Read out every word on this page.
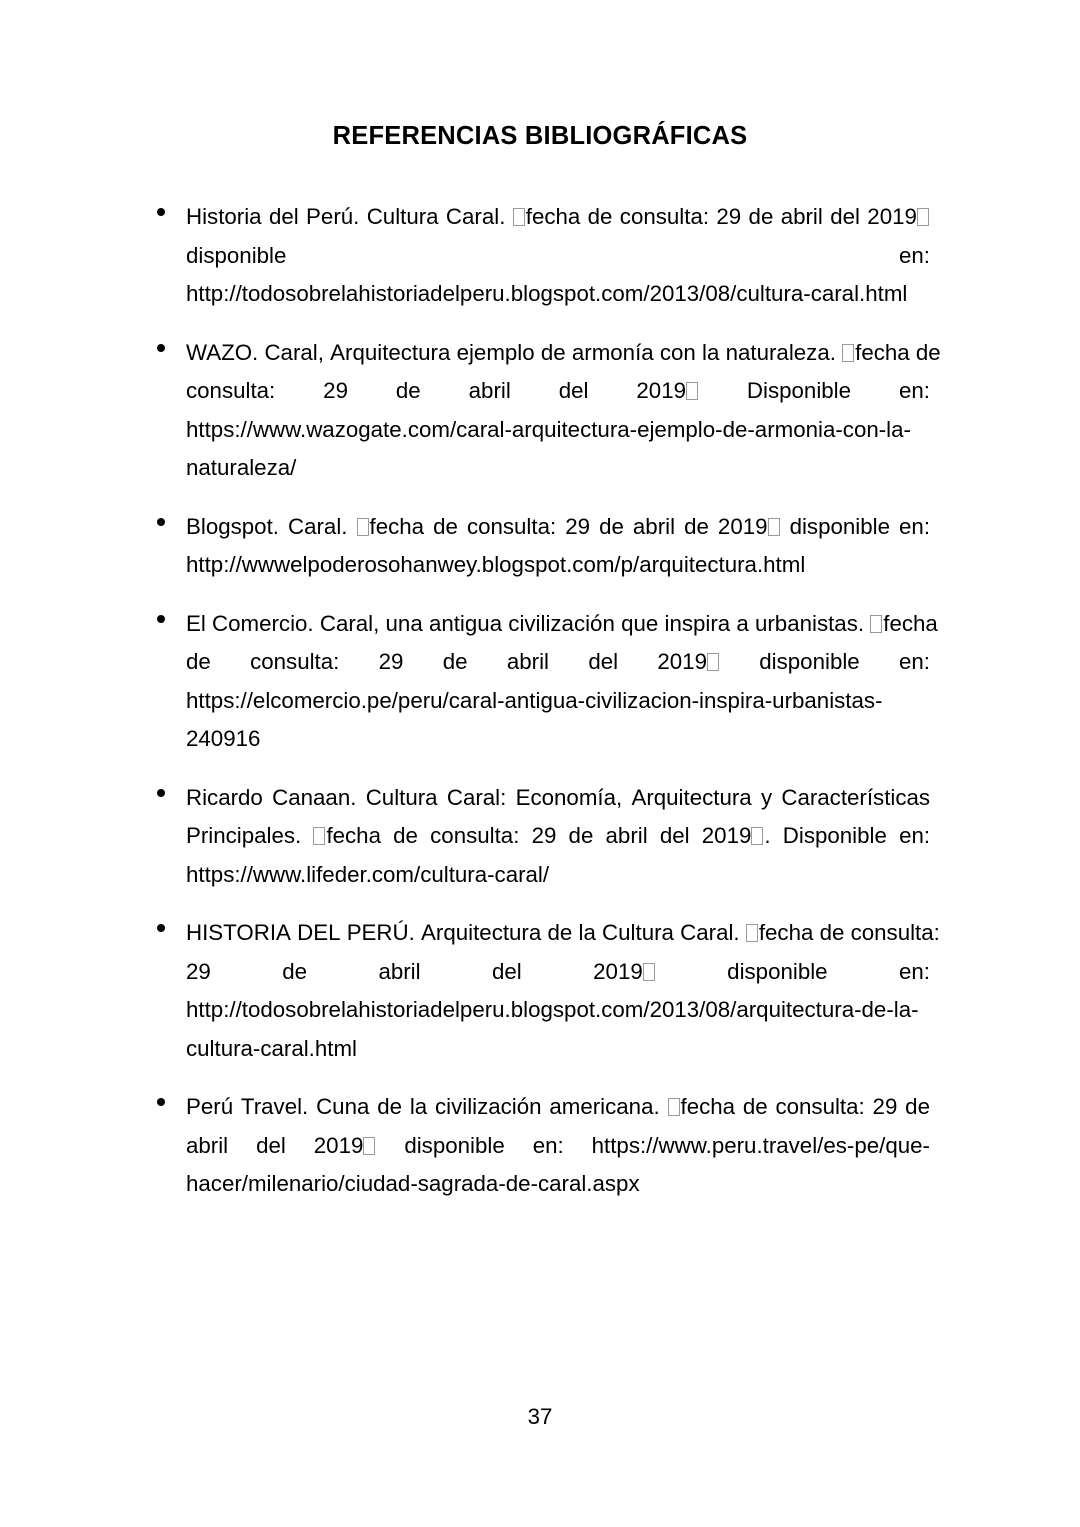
REFERENCIAS BIBLIOGRÁFICAS
Historia del Perú. Cultura Caral. fecha de consulta: 29 de abril del 2019
disponible	en:
http://todosobrelahistoriadelperu.blogspot.com/2013/08/cultura-caral.html
WAZO. Caral, Arquitectura ejemplo de armonía con la naturaleza. fecha de
consulta: 29 de abril del 2019	Disponible en:
https://www.wazogate.com/caral-arquitectura-ejemplo-de-armonia-con-la-
naturaleza/
Blogspot. Caral. fecha de consulta: 29 de abril de 2019 disponible en:
http://wwwelpoderosohanwey.blogspot.com/p/arquitectura.html
El Comercio. Caral, una antigua civilización que inspira a urbanistas. fecha
de consulta: 29 de abril del 2019 disponible en:
https://elcomercio.pe/peru/caral-antigua-civilizacion-inspira-urbanistas-
240916
Ricardo Canaan. Cultura Caral: Economía, Arquitectura y Características
Principales. fecha de consulta: 29 de abril del 2019 . Disponible en:
https://www.lifeder.com/cultura-caral/
HISTORIA DEL PERÚ. Arquitectura de la Cultura Caral. fecha de consulta:
29	de	abril	del	2019	disponible	en:
http://todosobrelahistoriadelperu.blogspot.com/2013/08/arquitectura-de-la-
cultura-caral.html
Perú Travel. Cuna de la civilización americana. fecha de consulta: 29 de
abril del 2019 disponible en: https://www.peru.travel/es-pe/que-
hacer/milenario/ciudad-sagrada-de-caral.aspx
37
